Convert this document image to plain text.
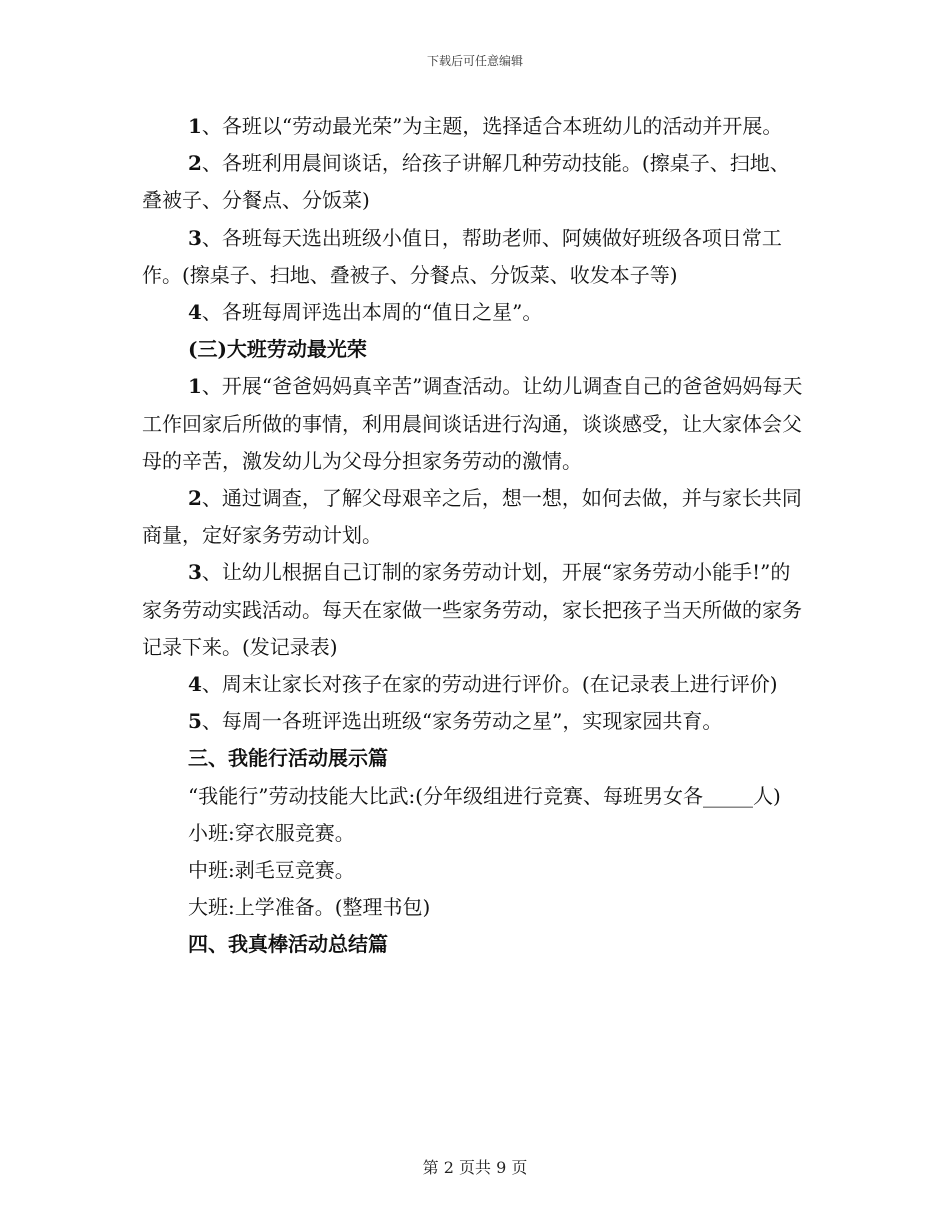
下载后可任意编辑

1、各班以“劳动最光荣”为主题，选择适合本班幼儿的活动并开展。

2、各班利用晨间谈话，给孩子讲解几种劳动技能。(擦桌子、扫地、叠被子、分餐点、分饭菜)

3、各班每天选出班级小值日，帮助老师、阿姨做好班级各项日常工作。(擦桌子、扫地、叠被子、分餐点、分饭菜、收发本子等)

4、各班每周评选出本周的“值日之星”。

(三)大班劳动最光荣

1、开展“爸爸妈妈真辛苦”调查活动。让幼儿调查自己的爸爸妈妈每天工作回家后所做的事情，利用晨间谈话进行沟通，谈谈感受，让大家体会父母的辛苦，激发幼儿为父母分担家务劳动的激情。

2、通过调查，了解父母艰辛之后，想一想，如何去做，并与家长共同商量，定好家务劳动计划。

3、让幼儿根据自己订制的家务劳动计划，开展“家务劳动小能手!”的家务劳动实践活动。每天在家做一些家务劳动，家长把孩子当天所做的家务记录下来。(发记录表)

4、周末让家长对孩子在家的劳动进行评价。(在记录表上进行评价)

5、每周一各班评选出班级“家务劳动之星”，实现家园共育。

三、我能行活动展示篇

“我能行”劳动技能大比武:(分年级组进行竞赛、每班男女各_____人)

小班:穿衣服竞赛。

中班:剥毛豆竞赛。

大班:上学准备。(整理书包)

四、我真棒活动总结篇

第 2 页共 9 页
